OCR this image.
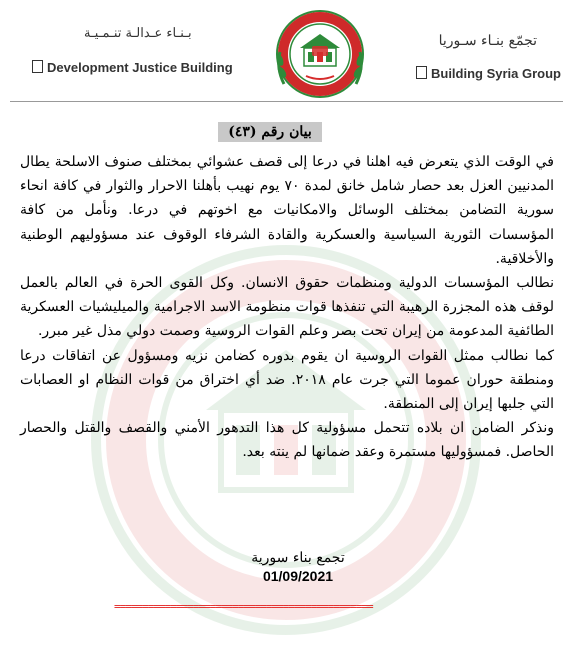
بـنـاء عـدالـة تنـمـيـة
Development Justice Building
تجمّع بنـاء سـوريا
Building Syria Group
بيان رقم (٤٣)

في الوقت الذي يتعرض فيه اهلنا في درعا إلى قصف عشوائي بمختلف صنوف الاسلحة يطال المدنيين العزل بعد حصار شامل خانق لمدة ٧٠ يوم نهيب بأهلنا الاحرار والثوار في كافة انحاء سورية التضامن بمختلف الوسائل والامكانيات مع اخوتهم في درعا. ونأمل من كافة المؤسسات الثورية السياسية والعسكرية والقادة الشرفاء الوقوف عند مسؤوليهم الوطنية والأخلاقية.

نطالب المؤسسات الدولية ومنظمات حقوق الانسان. وكل القوى الحرة في العالم بالعمل لوقف هذه المجزرة الرهيبة التي تنفذها قوات منظومة الاسد الاجرامية والميليشيات العسكرية الطائفية المدعومة من إيران تحت بصر وعلم القوات الروسية وصمت دولي مذل غير مبرر.

كما نطالب ممثل القوات الروسية ان يقوم بدوره كضامن نزيه ومسؤول عن اتفاقات درعا ومنطقة حوران عموما التي جرت عام ٢٠١٨. ضد أي اختراق من قوات النظام او العصابات التي جلبها إيران إلى المنطقة.

ونذكر الضامن ان بلاده تتحمل مسؤولية كل هذا التدهور الأمني والقصف والقتل والحصار الحاصل. فمسؤوليها مستمرة وعقد ضمانها لم ينته بعد.

تجمع بناء سورية
01/09/2021
==============================================
